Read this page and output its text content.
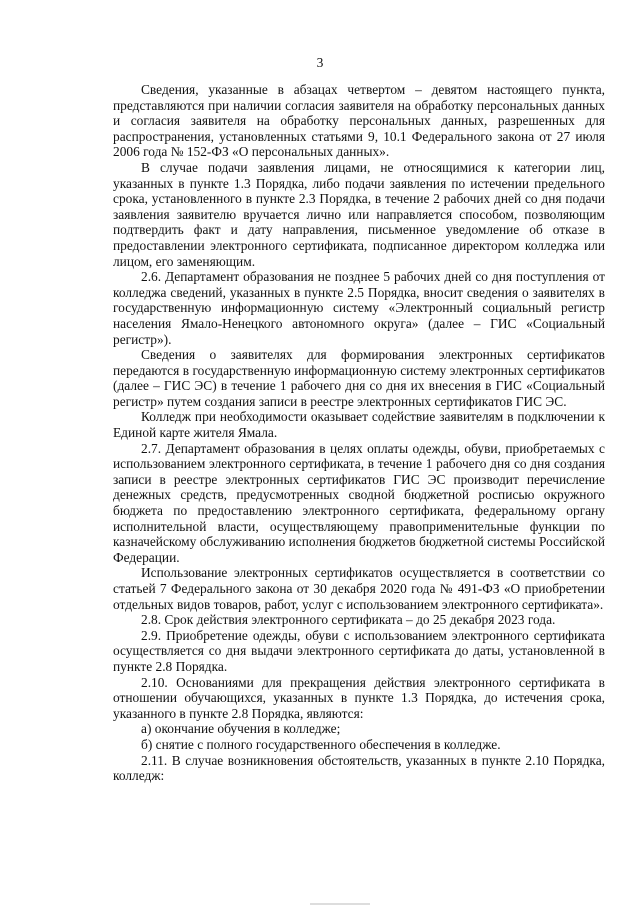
3

Сведения, указанные в абзацах четвертом – девятом настоящего пункта, представляются при наличии согласия заявителя на обработку персональных данных и согласия заявителя на обработку персональных данных, разрешенных для распространения, установленных статьями 9, 10.1 Федерального закона от 27 июля 2006 года № 152-ФЗ «О персональных данных».

В случае подачи заявления лицами, не относящимися к категории лиц, указанных в пункте 1.3 Порядка, либо подачи заявления по истечении предельного срока, установленного в пункте 2.3 Порядка, в течение 2 рабочих дней со дня подачи заявления заявителю вручается лично или направляется способом, позволяющим подтвердить факт и дату направления, письменное уведомление об отказе в предоставлении электронного сертификата, подписанное директором колледжа или лицом, его заменяющим.

2.6. Департамент образования не позднее 5 рабочих дней со дня поступления от колледжа сведений, указанных в пункте 2.5 Порядка, вносит сведения о заявителях в государственную информационную систему «Электронный социальный регистр населения Ямало-Ненецкого автономного округа» (далее – ГИС «Социальный регистр»).

Сведения о заявителях для формирования электронных сертификатов передаются в государственную информационную систему электронных сертификатов (далее – ГИС ЭС) в течение 1 рабочего дня со дня их внесения в ГИС «Социальный регистр» путем создания записи в реестре электронных сертификатов ГИС ЭС.

Колледж при необходимости оказывает содействие заявителям в подключении к Единой карте жителя Ямала.

2.7. Департамент образования в целях оплаты одежды, обуви, приобретаемых с использованием электронного сертификата, в течение 1 рабочего дня со дня создания записи в реестре электронных сертификатов ГИС ЭС производит перечисление денежных средств, предусмотренных сводной бюджетной росписью окружного бюджета по предоставлению электронного сертификата, федеральному органу исполнительной власти, осуществляющему правоприменительные функции по казначейскому обслуживанию исполнения бюджетов бюджетной системы Российской Федерации.

Использование электронных сертификатов осуществляется в соответствии со статьей 7 Федерального закона от 30 декабря 2020 года № 491-ФЗ «О приобретении отдельных видов товаров, работ, услуг с использованием электронного сертификата».

2.8. Срок действия электронного сертификата – до 25 декабря 2023 года.

2.9. Приобретение одежды, обуви с использованием электронного сертификата осуществляется со дня выдачи электронного сертификата до даты, установленной в пункте 2.8 Порядка.

2.10. Основаниями для прекращения действия электронного сертификата в отношении обучающихся, указанных в пункте 1.3 Порядка, до истечения срока, указанного в пункте 2.8 Порядка, являются:

а) окончание обучения в колледже;

б) снятие с полного государственного обеспечения в колледже.

2.11. В случае возникновения обстоятельств, указанных в пункте 2.10 Порядка, колледж:
